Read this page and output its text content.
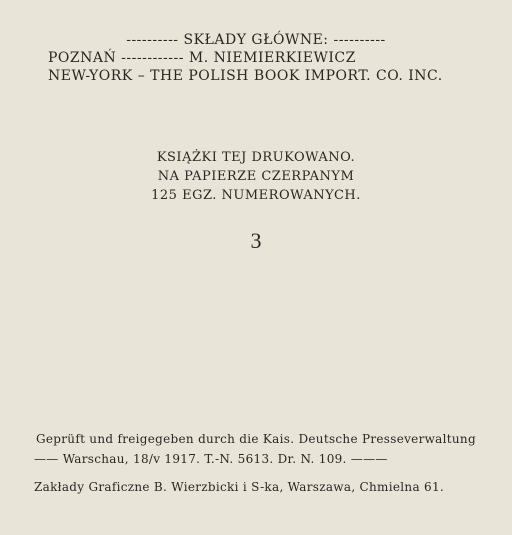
---------- SKŁADY GŁÓWNE: ----------
POZNAŃ ------------ M. NIEMIERKIEWICZ
NEW-YORK – THE POLISH BOOK IMPORT. CO. INC.
KSIĄŻKI TEJ DRUKOWANO.
NA PAPIERZE CZERPANYM
125 EGZ. NUMEROWANYCH.
3
Geprüft und freigegeben durch die Kais. Deutsche Presseverwaltung
—— Warschau, 18/v 1917. T.-N. 5613. Dr. N. 109. ———
Zakłady Graficzne B. Wierzbicki i S-ka, Warszawa, Chmielna 61.
